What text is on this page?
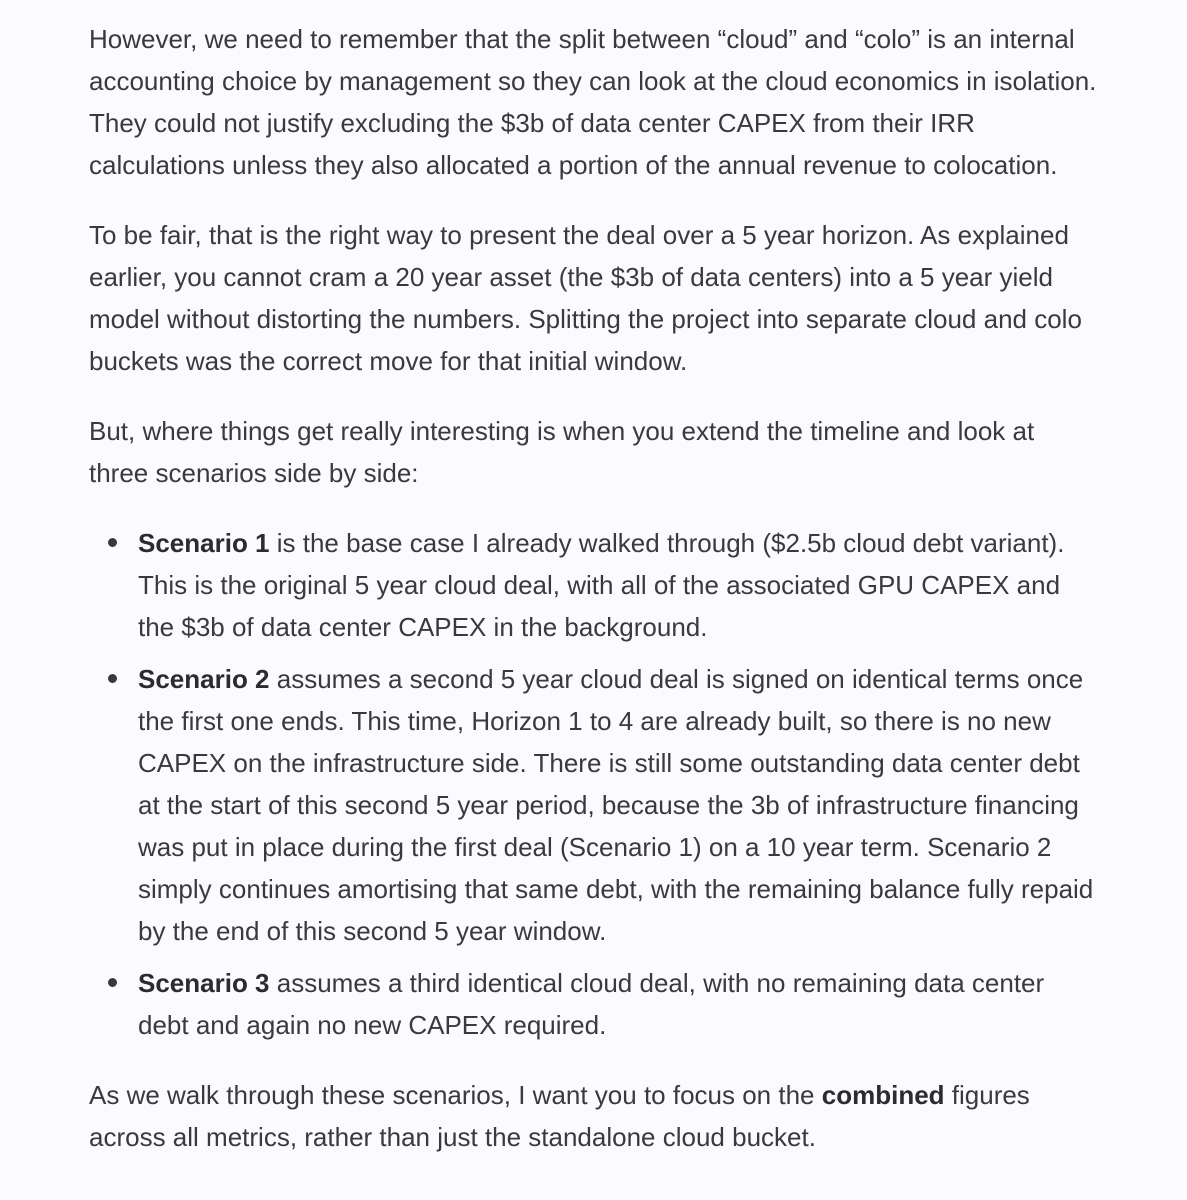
However, we need to remember that the split between “cloud” and “colo” is an internal accounting choice by management so they can look at the cloud economics in isolation. They could not justify excluding the $3b of data center CAPEX from their IRR calculations unless they also allocated a portion of the annual revenue to colocation.

To be fair, that is the right way to present the deal over a 5 year horizon. As explained earlier, you cannot cram a 20 year asset (the $3b of data centers) into a 5 year yield model without distorting the numbers. Splitting the project into separate cloud and colo buckets was the correct move for that initial window.

But, where things get really interesting is when you extend the timeline and look at three scenarios side by side:

Scenario 1 is the base case I already walked through ($2.5b cloud debt variant). This is the original 5 year cloud deal, with all of the associated GPU CAPEX and the $3b of data center CAPEX in the background.
Scenario 2 assumes a second 5 year cloud deal is signed on identical terms once the first one ends. This time, Horizon 1 to 4 are already built, so there is no new CAPEX on the infrastructure side. There is still some outstanding data center debt at the start of this second 5 year period, because the 3b of infrastructure financing was put in place during the first deal (Scenario 1) on a 10 year term. Scenario 2 simply continues amortising that same debt, with the remaining balance fully repaid by the end of this second 5 year window.
Scenario 3 assumes a third identical cloud deal, with no remaining data center debt and again no new CAPEX required.

As we walk through these scenarios, I want you to focus on the combined figures across all metrics, rather than just the standalone cloud bucket.
